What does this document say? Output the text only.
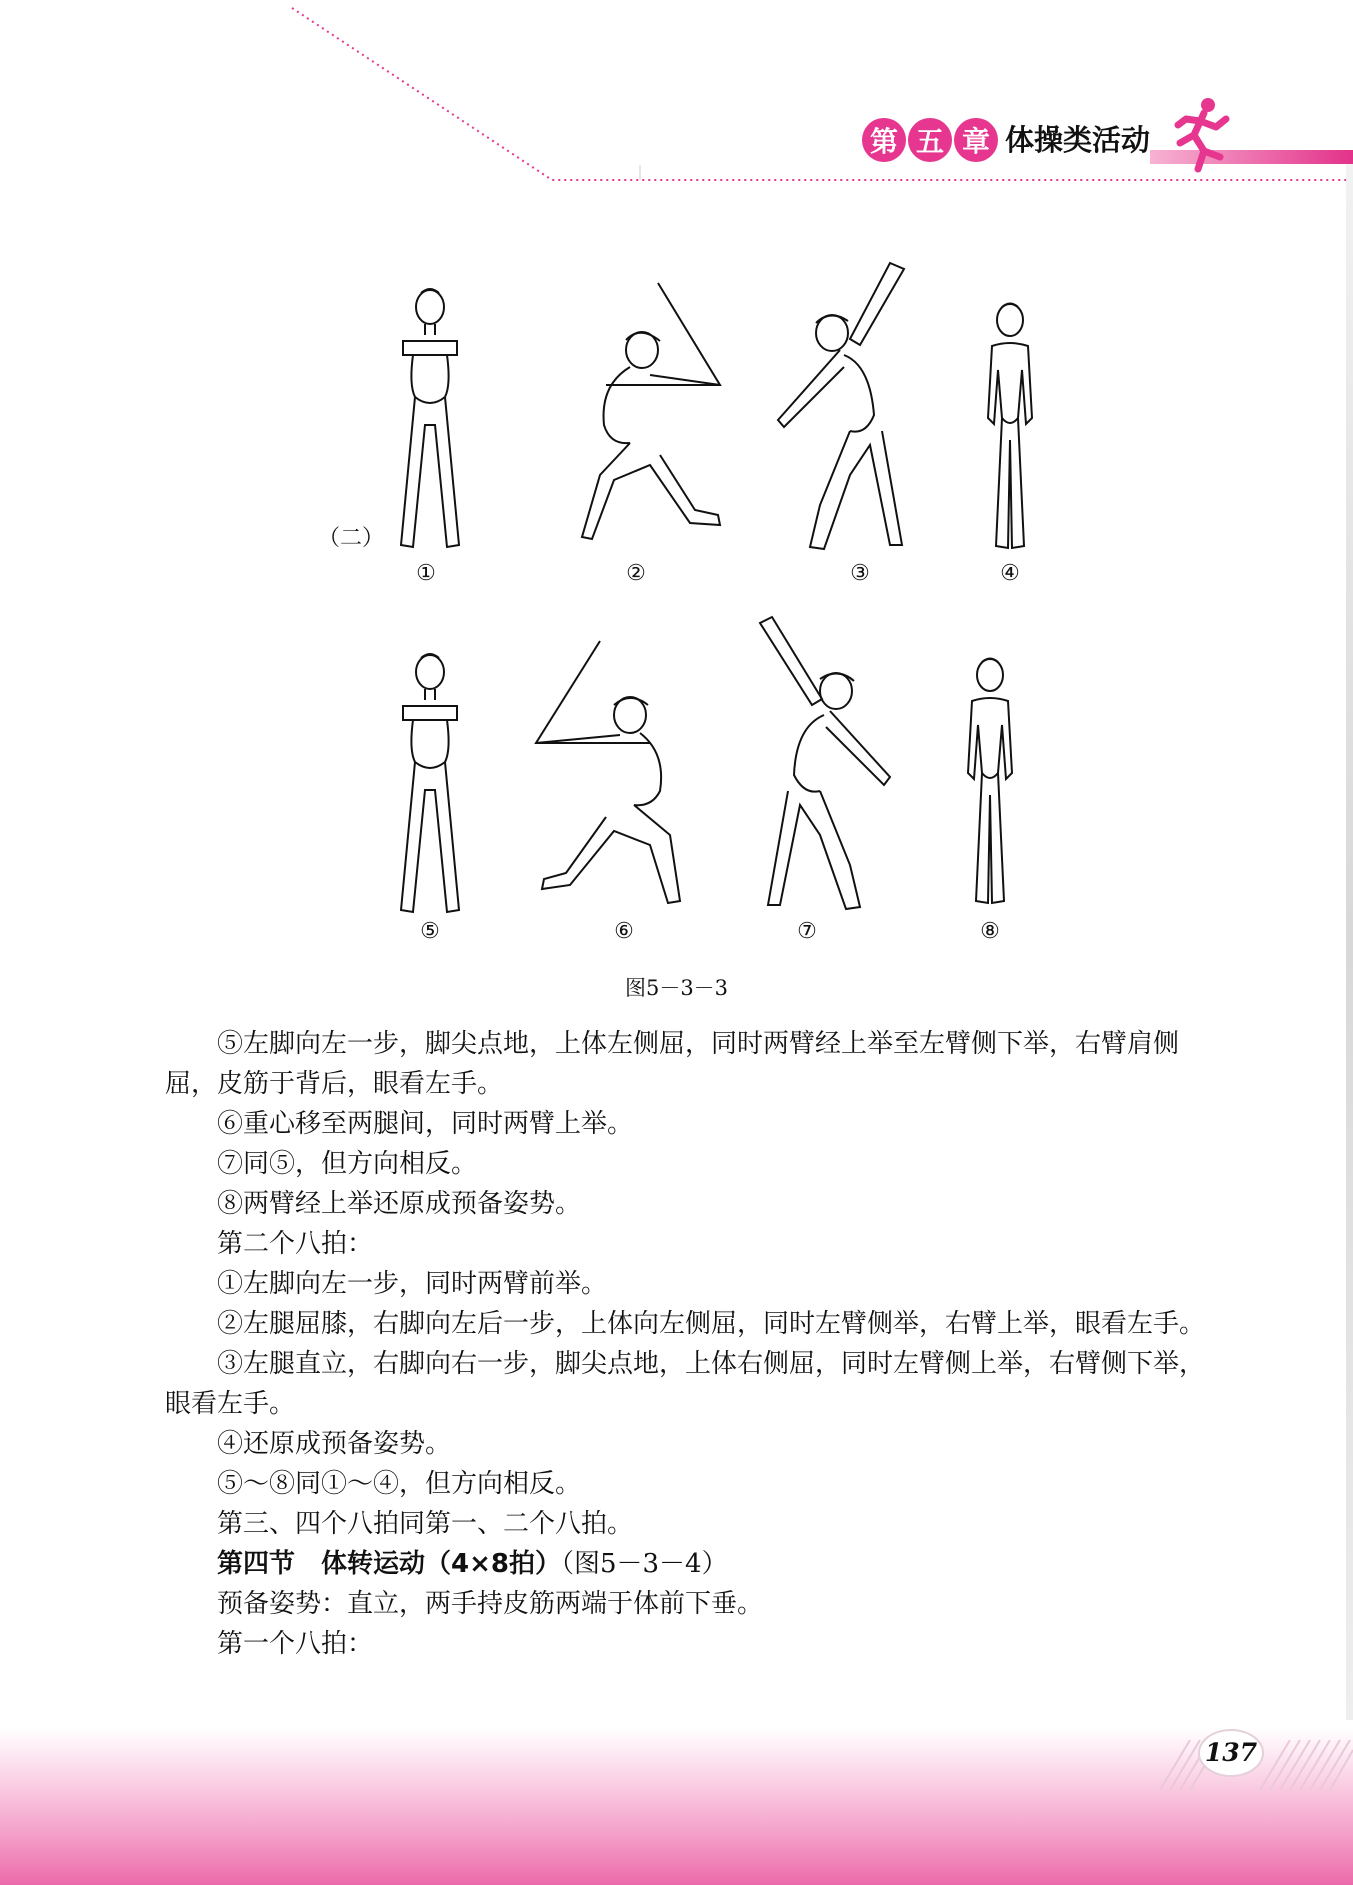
第 五 章 体操类活动
（二）
①	②	③	④
⑤	⑥	⑦	⑧
图5－3－3

⑤左脚向左一步，脚尖点地，上体左侧屈，同时两臂经上举至左臂侧下举，右臂肩侧屈，皮筋于背后，眼看左手。

⑥重心移至两腿间，同时两臂上举。

⑦同⑤，但方向相反。

⑧两臂经上举还原成预备姿势。

第二个八拍：

①左脚向左一步，同时两臂前举。

②左腿屈膝，右脚向左后一步，上体向左侧屈，同时左臂侧举，右臂上举，眼看左手。

③左腿直立，右脚向右一步，脚尖点地，上体右侧屈，同时左臂侧上举，右臂侧下举，眼看左手。

④还原成预备姿势。

⑤～⑧同①～④，但方向相反。

第三、四个八拍同第一、二个八拍。

第四节　体转运动（4×8拍）（图5－3－4）

预备姿势：直立，两手持皮筋两端于体前下垂。

第一个八拍：

137
